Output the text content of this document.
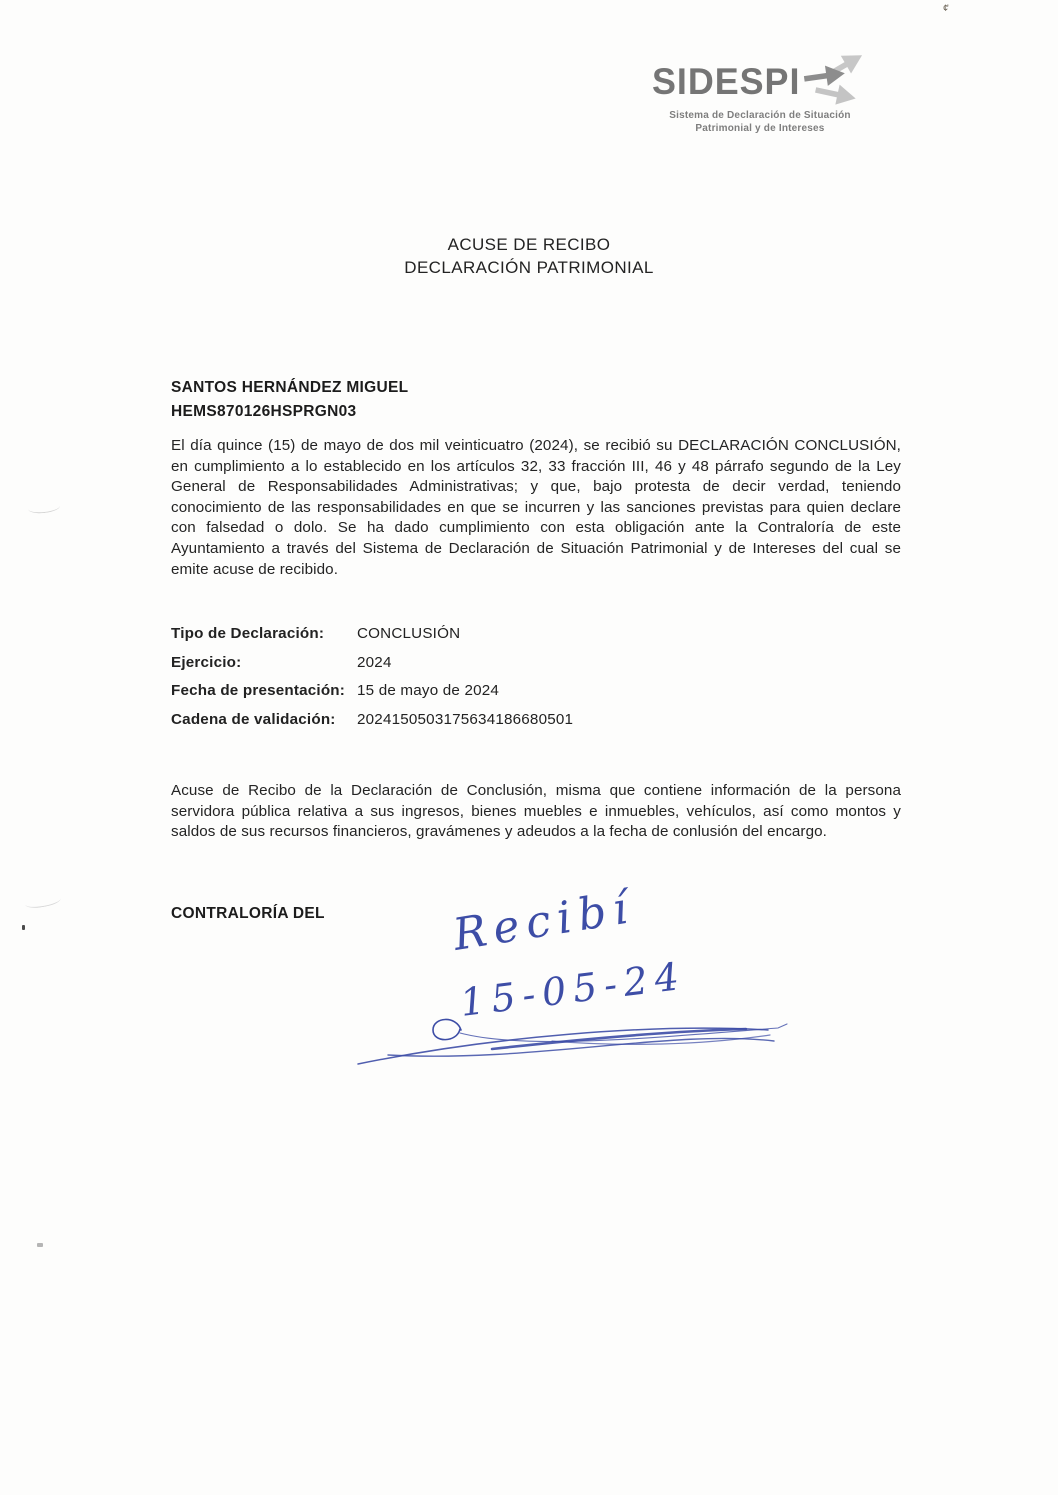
SIDESPI
Sistema de Declaración de Situación
Patrimonial y de Intereses
ACUSE DE RECIBO
DECLARACIÓN PATRIMONIAL
SANTOS HERNÁNDEZ MIGUEL
HEMS870126HSPRGN03
El día quince (15) de mayo de dos mil veinticuatro (2024), se recibió su DECLARACIÓN CONCLUSIÓN, en cumplimiento a lo establecido en los artículos 32, 33 fracción III, 46 y 48 párrafo segundo de la Ley General de Responsabilidades Administrativas; y que, bajo protesta de decir verdad, teniendo conocimiento de las responsabilidades en que se incurren y las sanciones previstas para quien declare con falsedad o dolo. Se ha dado cumplimiento con esta obligación ante la Contraloría de este Ayuntamiento a través del Sistema de Declaración de Situación Patrimonial y de Intereses del cual se emite acuse de recibido.
Tipo de Declaración:	CONCLUSIÓN
Ejercicio:	2024
Fecha de presentación: 15 de mayo de 2024
Cadena de validación:	2024150503175634186680501
Acuse de Recibo de la Declaración de Conclusión, misma que contiene información de la persona servidora pública relativa a sus ingresos, bienes muebles e inmuebles, vehículos, así como montos y saldos de sus recursos financieros, gravámenes y adeudos a la fecha de conlusión del encargo.
CONTRALORÍA DEL	Recibí
15-05-24
¢'
